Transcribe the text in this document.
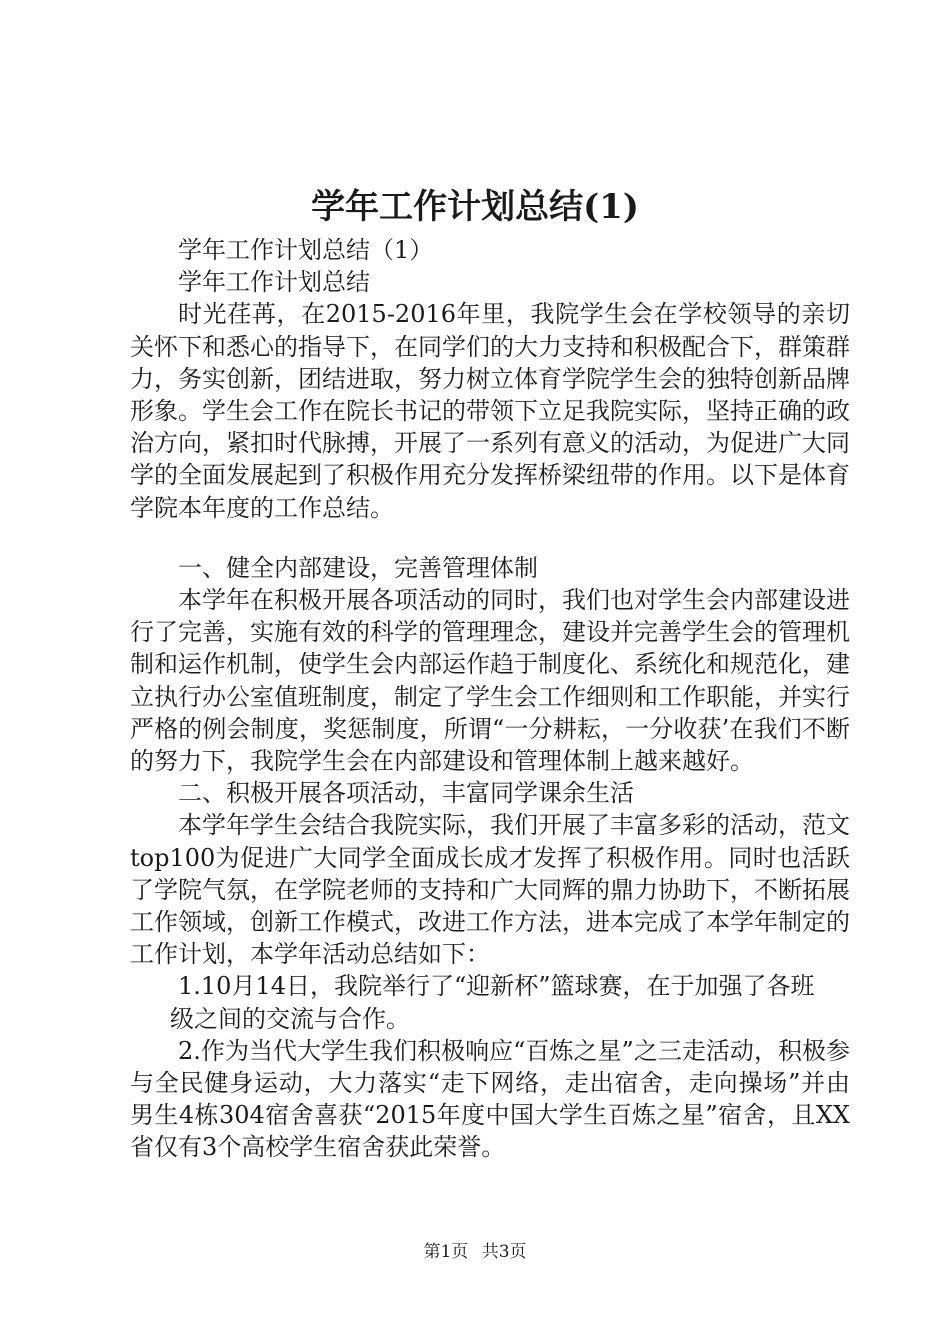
学年工作计划总结(1)

学年工作计划总结（1）

学年工作计划总结

时光荏苒，在2015-2016年里，我院学生会在学校领导的亲切关怀下和悉心的指导下，在同学们的大力支持和积极配合下，群策群力，务实创新，团结进取，努力树立体育学院学生会的独特创新品牌形象。学生会工作在院长书记的带领下立足我院实际，坚持正确的政治方向，紧扣时代脉搏，开展了一系列有意义的活动，为促进广大同学的全面发展起到了积极作用充分发挥桥梁纽带的作用。以下是体育学院本年度的工作总结。

一、健全内部建设，完善管理体制

本学年在积极开展各项活动的同时，我们也对学生会内部建设进行了完善，实施有效的科学的管理理念，建设并完善学生会的管理机制和运作机制，使学生会内部运作趋于制度化、系统化和规范化，建立执行办公室值班制度，制定了学生会工作细则和工作职能，并实行严格的例会制度，奖惩制度，所谓“一分耕耘，一分收获’在我们不断的努力下，我院学生会在内部建设和管理体制上越来越好。

二、积极开展各项活动，丰富同学课余生活

本学年学生会结合我院实际，我们开展了丰富多彩的活动，范文top100为促进广大同学全面成长成才发挥了积极作用。同时也活跃了学院气氛，在学院老师的支持和广大同辉的鼎力协助下，不断拓展工作领域，创新工作模式，改进工作方法，进本完成了本学年制定的工作计划，本学年活动总结如下：

1.10月14日，我院举行了“迎新杯”篮球赛，在于加强了各班

级之间的交流与合作。

2.作为当代大学生我们积极响应“百炼之星”之三走活动，积极参与全民健身运动，大力落实“走下网络，走出宿舍，走向操场”并由男生4栋304宿舍喜获“2015年度中国大学生百炼之星”宿舍，且XX省仅有3个高校学生宿舍获此荣誉。

第1页 共3页
